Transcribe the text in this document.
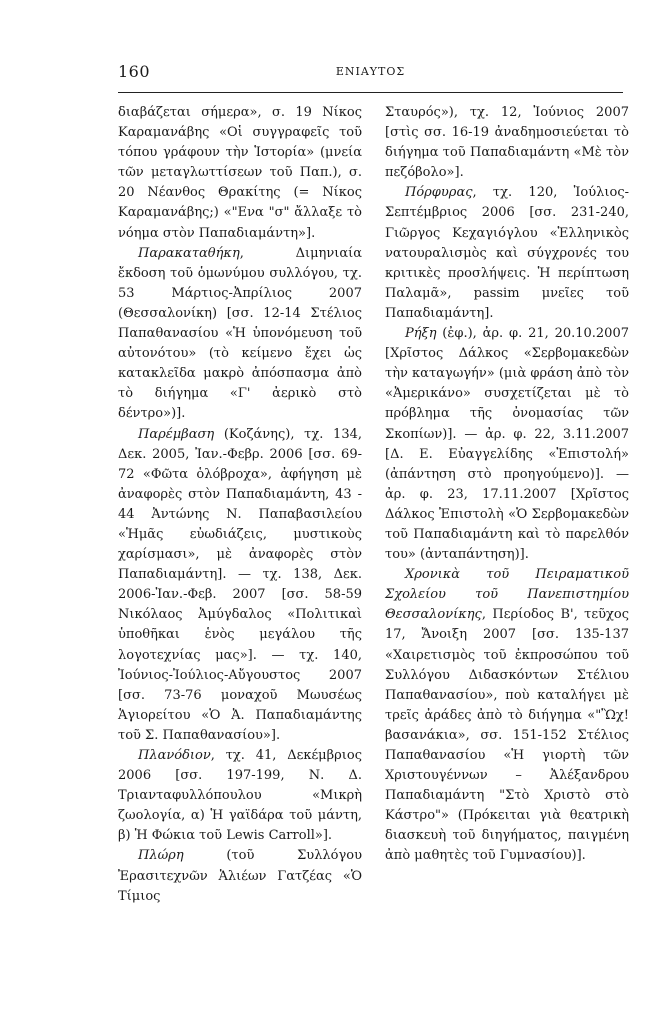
160	ΕΝΙΑΥΤΟΣ

διαβάζεται σήμερα», σ. 19 Νίκος Καραμανάβης «Οἱ συγγραφεῖς τοῦ τόπου γράφουν τὴν Ἱστορία» (μνεία τῶν μεταγλωττίσεων τοῦ Παπ.), σ. 20 Νέανθος Θρακίτης (= Νίκος Καραμανάβης;) «"Ενα "σ" ἄλλαξε τὸ νόημα στὸν Παπαδιαμάντη»].

Παρακαταθήκη, Διμηνιαία ἔκδοση τοῦ ὁμωνύμου συλλόγου, τχ. 53 Μάρτιος-Ἀπρίλιος 2007 (Θεσσαλονίκη) [σσ. 12-14 Στέλιος Παπαθανασίου «Ἡ ὑπονόμευση τοῦ αὐτονότου» (τὸ κείμενο ἔχει ὡς κατακλεῖδα μακρὸ ἀπόσπασμα ἀπὸ τὸ διήγημα «Γ' ἀερικὸ στὸ δέντρο»)].

Παρέμβαση (Κοζάνης), τχ. 134, Δεκ. 2005, Ἰαν.-Φεβρ. 2006 [σσ. 69-72 «Φῶτα ὁλόβροχα», ἀφήγηση μὲ ἀναφορὲς στὸν Παπαδιαμάντη, 43 - 44 Ἀντώνης Ν. Παπαβασιλείου «Ἡμᾶς εὐωδιάζεις, μυστικοὺς χαρίσμασι», μὲ ἀναφορὲς στὸν Παπαδιαμάντη]. — τχ. 138, Δεκ. 2006-Ἰαν.-Φεβ. 2007 [σσ. 58-59 Νικόλαος Ἀμύγδαλος «Πολιτικαὶ ὑποθῆκαι ἑνὸς μεγάλου τῆς λογοτεχνίας μας»]. — τχ. 140, Ἰούνιος-Ἰούλιος-Αὔγουστος 2007 [σσ. 73-76 μοναχοῦ Μωυσέως Ἁγιορείτου «Ὁ Ἀ. Παπαδιαμάντης τοῦ Σ. Παπαθανασίου»].

Πλανόδιον, τχ. 41, Δεκέμβριος 2006 [σσ. 197-199, Ν. Δ. Τριανταφυλλόπουλου «Μικρὴ ζωολογία, α) Ἡ γαϊδάρα τοῦ μάντη, β) Ἡ Φώκια τοῦ Lewis Carroll»].

Πλώρη (τοῦ Συλλόγου Ἐρασιτεχνῶν Ἁλιέων Γατζέας «Ὁ Τίμιος

Σταυρός»), τχ. 12, Ἰούνιος 2007 [στὶς σσ. 16-19 ἀναδημοσιεύεται τὸ διήγημα τοῦ Παπαδιαμάντη «Μὲ τὸν πεζόβολο»].

Πόρφυρας, τχ. 120, Ἰούλιος-Σεπτέμβριος 2006 [σσ. 231-240, Γιῶργος Κεχαγιόγλου «Ἑλληνικὸς νατουραλισμὸς καὶ σύγχρονές του κριτικὲς προσλήψεις. Ἡ περίπτωση Παλαμᾶ», passim μνεῖες τοῦ Παπαδιαμάντη].

Ρήξη (ἐφ.), ἀρ. φ. 21, 20.10.2007 [Χρῖστος Δάλκος «Σερβομακεδὼν τὴν καταγωγήν» (μιὰ φράση ἀπὸ τὸν «Ἀμερικάνο» συσχετίζεται μὲ τὸ πρόβλημα τῆς ὀνομασίας τῶν Σκοπίων)]. — ἀρ. φ. 22, 3.11.2007 [Δ. Ε. Εὐαγγελίδης «Ἐπιστολή» (ἀπάντηση στὸ προηγούμενο)]. — ἀρ. φ. 23, 17.11.2007 [Χρῖστος Δάλκος Ἐπιστολὴ «Ὁ Σερβομακεδὼν τοῦ Παπαδιαμάντη καὶ τὸ παρελθόν του» (ἀνταπάντηση)].

Χρονικὰ τοῦ Πειραματικοῦ Σχολείου τοῦ Πανεπιστημίου Θεσσαλονίκης, Περίοδος Β', τεῦχος 17, Ἄνοιξη 2007 [σσ. 135-137 «Χαιρετισμὸς τοῦ ἐκπροσώπου τοῦ Συλλόγου Διδασκόντων Στέλιου Παπαθανασίου», ποὺ καταλήγει μὲ τρεῖς ἀράδες ἀπὸ τὸ διήγημα «"Ὢχ! βασανάκια», σσ. 151-152 Στέλιος Παπαθανασίου «Ἡ γιορτὴ τῶν Χριστουγέννων – Ἀλέξανδρου Παπαδιαμάντη "Στὸ Χριστὸ στὸ Κάστρο"» (Πρόκειται γιὰ θεατρικὴ διασκευὴ τοῦ διηγήματος, παιγμένη ἀπὸ μαθητὲς τοῦ Γυμνασίου)].
